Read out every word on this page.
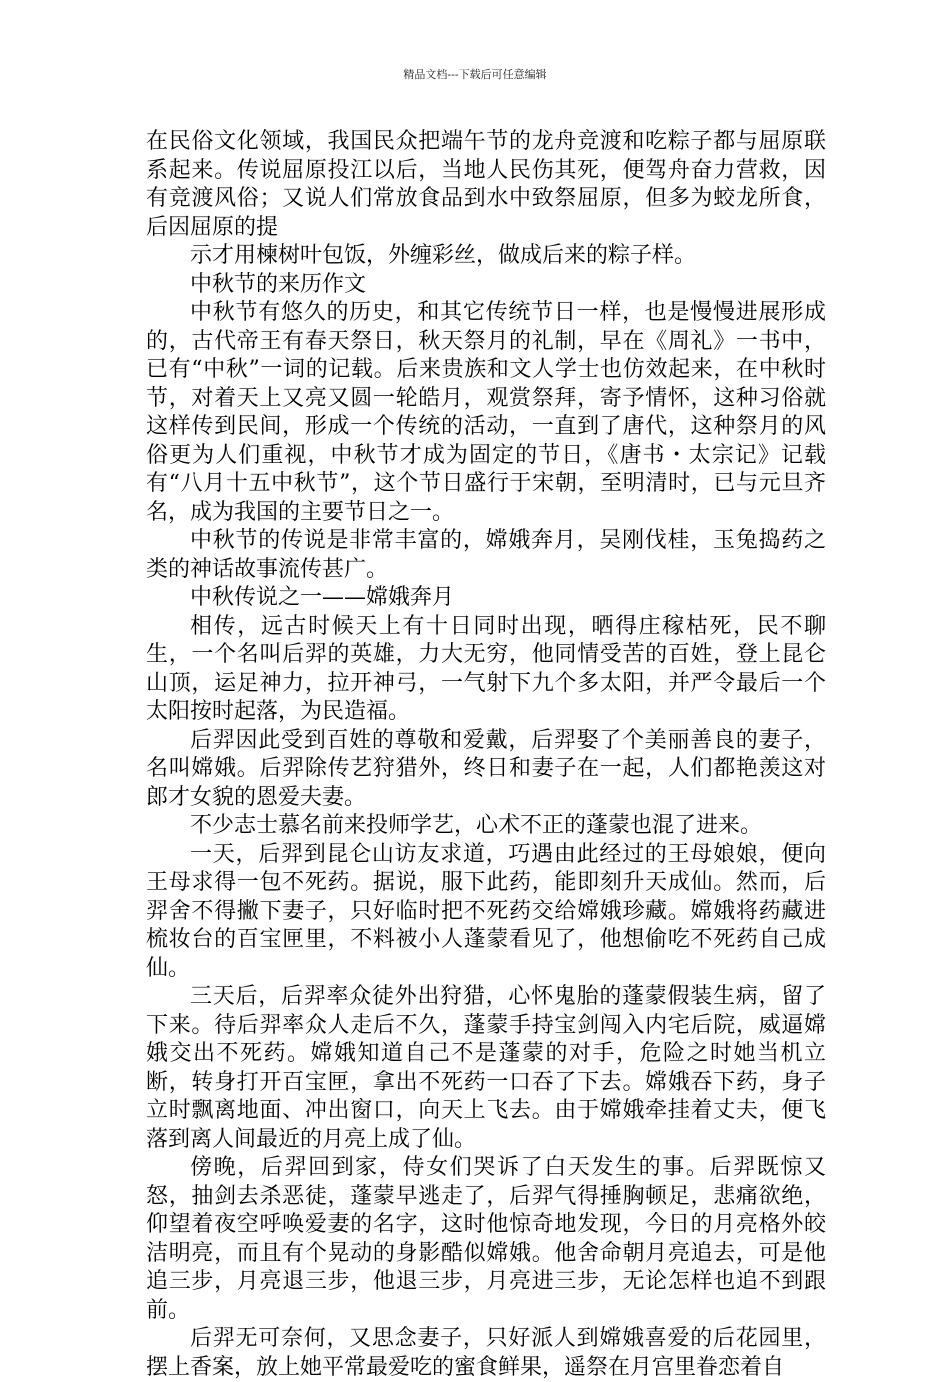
精品文档---下载后可任意编辑

在民俗文化领域，我国民众把端午节的龙舟竞渡和吃粽子都与屈原联系起来。传说屈原投江以后，当地人民伤其死，便驾舟奋力营救，因有竞渡风俗；又说人们常放食品到水中致祭屈原，但多为蛟龙所食，后因屈原的提

示才用楝树叶包饭，外缠彩丝，做成后来的粽子样。

中秋节的来历作文

中秋节有悠久的历史，和其它传统节日一样，也是慢慢进展形成的，古代帝王有春天祭日，秋天祭月的礼制，早在《周礼》一书中，已有“中秋”一词的记载。后来贵族和文人学士也仿效起来，在中秋时节，对着天上又亮又圆一轮皓月，观赏祭拜，寄予情怀，这种习俗就这样传到民间，形成一个传统的活动，一直到了唐代，这种祭月的风俗更为人们重视，中秋节才成为固定的节日，《唐书・太宗记》记载有“八月十五中秋节”，这个节日盛行于宋朝，至明清时，已与元旦齐名，成为我国的主要节日之一。

中秋节的传说是非常丰富的，嫦娥奔月，吴刚伐桂，玉兔捣药之类的神话故事流传甚广。

中秋传说之一——嫦娥奔月

相传，远古时候天上有十日同时出现，晒得庄稼枯死，民不聊生，一个名叫后羿的英雄，力大无穷，他同情受苦的百姓，登上昆仑山顶，运足神力，拉开神弓，一气射下九个多太阳，并严令最后一个太阳按时起落，为民造福。

后羿因此受到百姓的尊敬和爱戴，后羿娶了个美丽善良的妻子，名叫嫦娥。后羿除传艺狩猎外，终日和妻子在一起，人们都艳羡这对郎才女貌的恩爱夫妻。

不少志士慕名前来投师学艺，心术不正的蓬蒙也混了进来。

一天，后羿到昆仑山访友求道，巧遇由此经过的王母娘娘，便向王母求得一包不死药。据说，服下此药，能即刻升天成仙。然而，后羿舍不得撇下妻子，只好临时把不死药交给嫦娥珍藏。嫦娥将药藏进梳妆台的百宝匣里，不料被小人蓬蒙看见了，他想偷吃不死药自己成仙。

三天后，后羿率众徒外出狩猎，心怀鬼胎的蓬蒙假装生病，留了下来。待后羿率众人走后不久，蓬蒙手持宝剑闯入内宅后院，威逼嫦娥交出不死药。嫦娥知道自己不是蓬蒙的对手，危险之时她当机立断，转身打开百宝匣，拿出不死药一口吞了下去。嫦娥吞下药，身子立时飘离地面、冲出窗口，向天上飞去。由于嫦娥牵挂着丈夫，便飞落到离人间最近的月亮上成了仙。

傍晚，后羿回到家，侍女们哭诉了白天发生的事。后羿既惊又怒，抽剑去杀恶徒，蓬蒙早逃走了，后羿气得捶胸顿足，悲痛欲绝，仰望着夜空呼唤爱妻的名字，这时他惊奇地发现，今日的月亮格外皎洁明亮，而且有个晃动的身影酷似嫦娥。他舍命朝月亮追去，可是他追三步，月亮退三步，他退三步，月亮进三步，无论怎样也追不到跟前。

后羿无可奈何，又思念妻子，只好派人到嫦娥喜爱的后花园里，摆上香案，放上她平常最爱吃的蜜食鲜果，遥祭在月宫里眷恋着自
